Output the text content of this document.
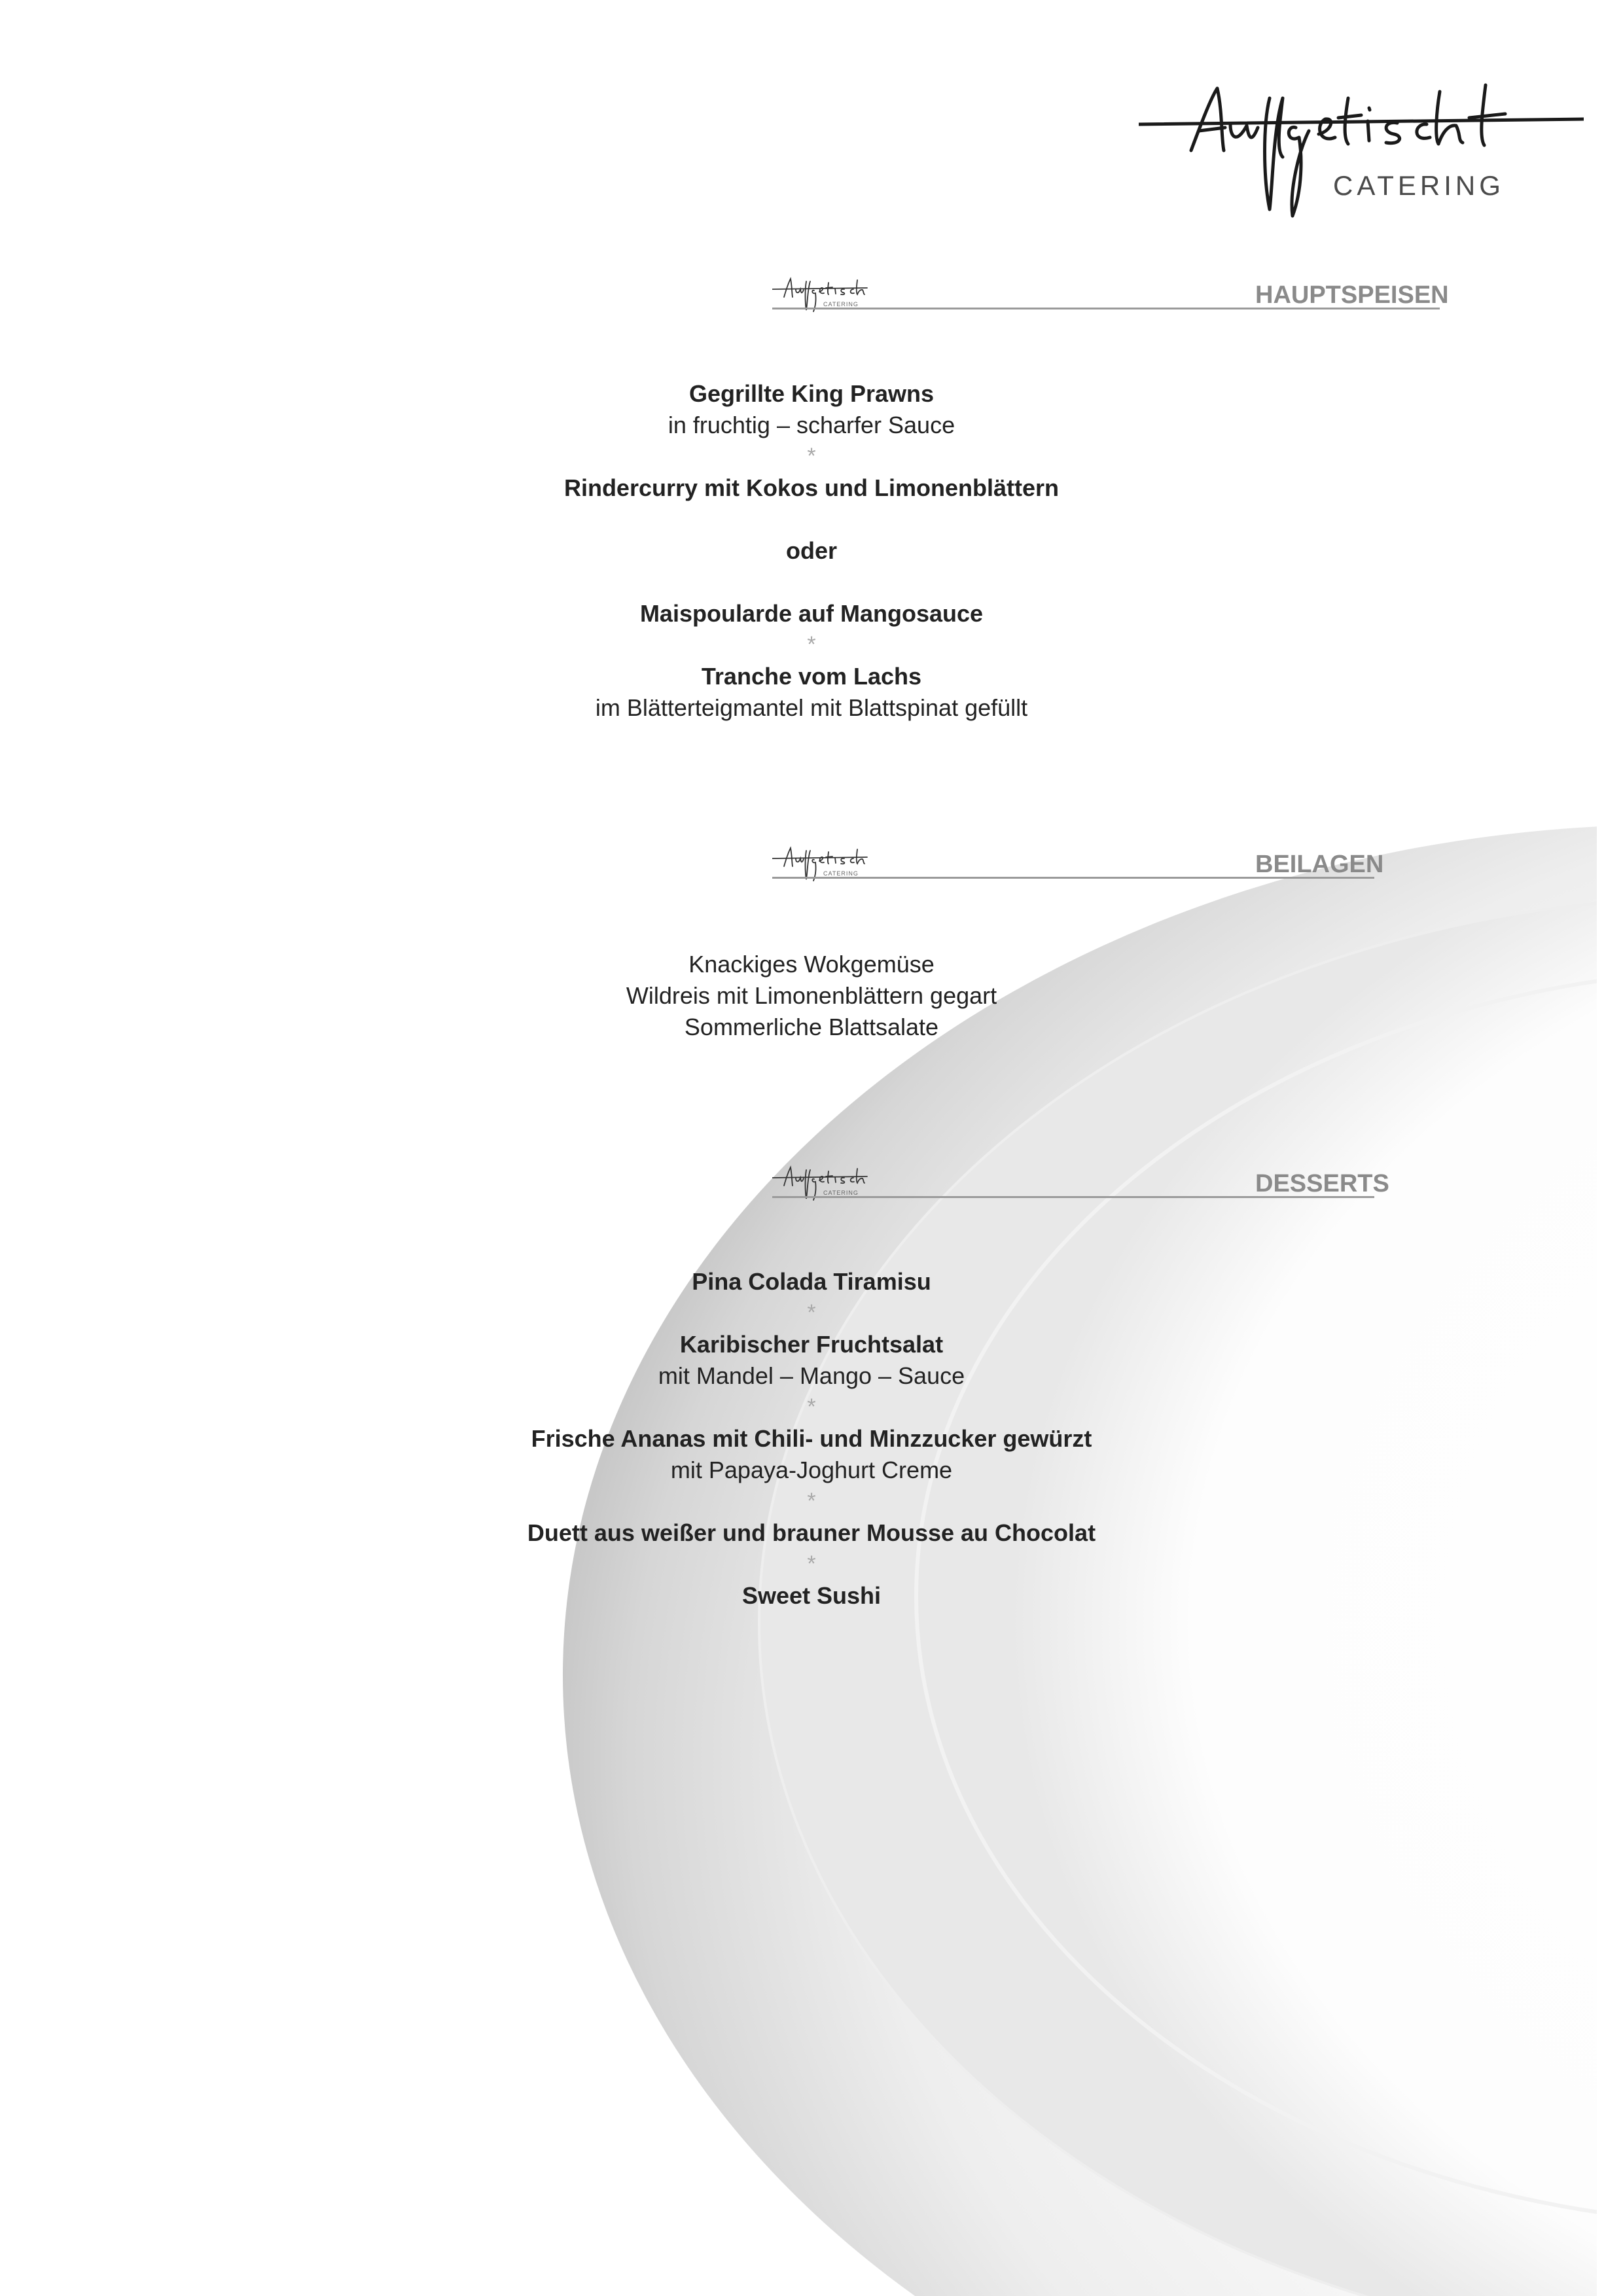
CATERING
CATERING	HAUPTSPEISEN
Gegrillte King Prawns
in fruchtig – scharfer Sauce
*
Rindercurry mit Kokos und Limonenblättern
oder
Maispoularde auf Mangosauce
*
Tranche vom Lachs
im Blätterteigmantel mit Blattspinat gefüllt
CATERING	BEILAGEN
Knackiges Wokgemüse
Wildreis mit Limonenblättern gegart
Sommerliche Blattsalate
CATERING	DESSERTS
Pina Colada Tiramisu
*
Karibischer Fruchtsalat
mit Mandel – Mango – Sauce
*
Frische Ananas mit Chili- und Minzzucker gewürzt
mit Papaya-Joghurt Creme
*
Duett aus weißer und brauner Mousse au Chocolat
*
Sweet Sushi
